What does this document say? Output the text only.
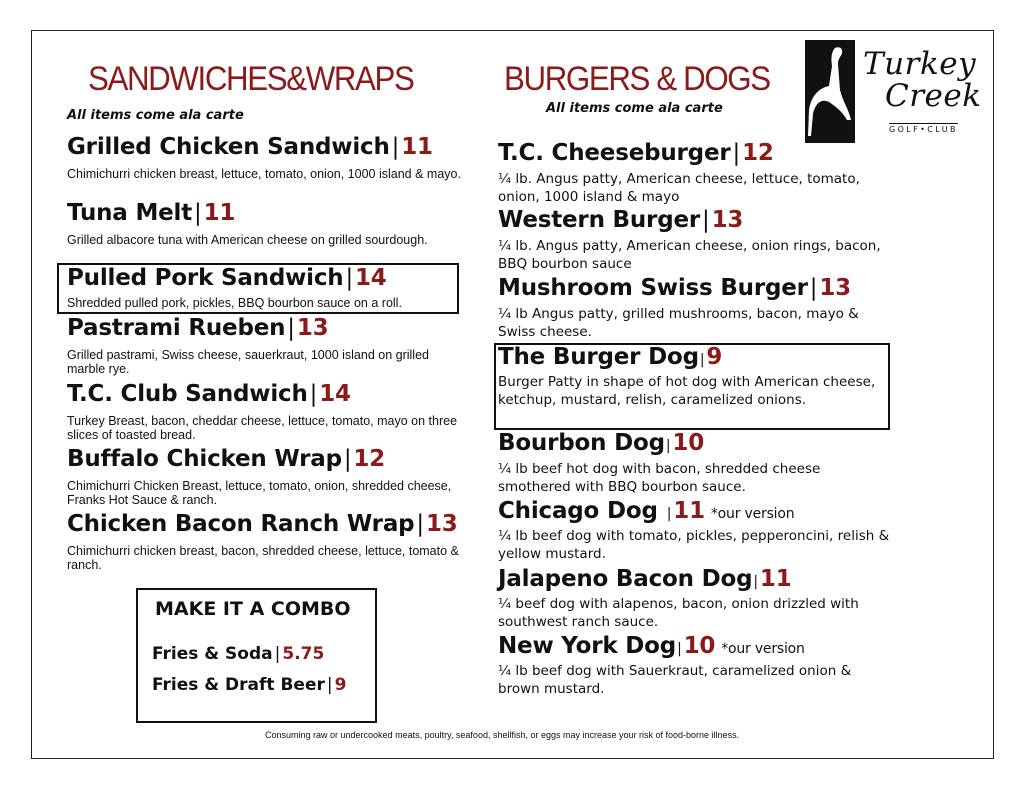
SANDWICHES&WRAPS
All items come ala carte
Grilled Chicken Sandwich|11
Chimichurri chicken breast, lettuce, tomato, onion, 1000 island & mayo.
Tuna Melt|11
Grilled albacore tuna with American cheese on grilled sourdough.
Pulled Pork Sandwich|14
Shredded pulled pork, pickles, BBQ bourbon sauce on a roll.
Pastrami Rueben|13
Grilled pastrami, Swiss cheese, sauerkraut, 1000 island on grilled marble rye.
T.C. Club Sandwich|14
Turkey Breast, bacon, cheddar cheese, lettuce, tomato, mayo on three slices of toasted bread.
Buffalo Chicken Wrap|12
Chimichurri Chicken Breast, lettuce, tomato, onion, shredded cheese, Franks Hot Sauce & ranch.
Chicken Bacon Ranch Wrap|13
Chimichurri chicken breast, bacon, shredded cheese, lettuce, tomato & ranch.
MAKE IT A COMBO
Fries & Soda | 5.75
Fries & Draft Beer | 9
BURGERS & DOGS
All items come ala carte
T.C. Cheeseburger|12
¼ lb. Angus patty, American cheese, lettuce, tomato, onion, 1000 island & mayo
Western Burger|13
¼ lb. Angus patty, American cheese, onion rings, bacon, BBQ bourbon sauce
Mushroom Swiss Burger|13
¼ lb Angus patty, grilled mushrooms, bacon, mayo & Swiss cheese.
The Burger Dog|9
Burger Patty in shape of hot dog with American cheese, ketchup, mustard, relish, caramelized onions.
Bourbon Dog|10
¼ lb beef hot dog with bacon, shredded cheese smothered with BBQ bourbon sauce.
Chicago Dog |11 *our version
¼ lb beef dog with tomato, pickles, pepperoncini, relish & yellow mustard.
Jalapeno Bacon Dog|11
¼ beef dog with alapenos, bacon, onion drizzled with southwest ranch sauce.
New York Dog|10 *our version
¼ lb beef dog with Sauerkraut, caramelized onion & brown mustard.
Turkey
Creek
GOLF•CLUB
Consuming raw or undercooked meats, poultry, seafood, shellfish, or eggs may increase your risk of food-borne illness.
